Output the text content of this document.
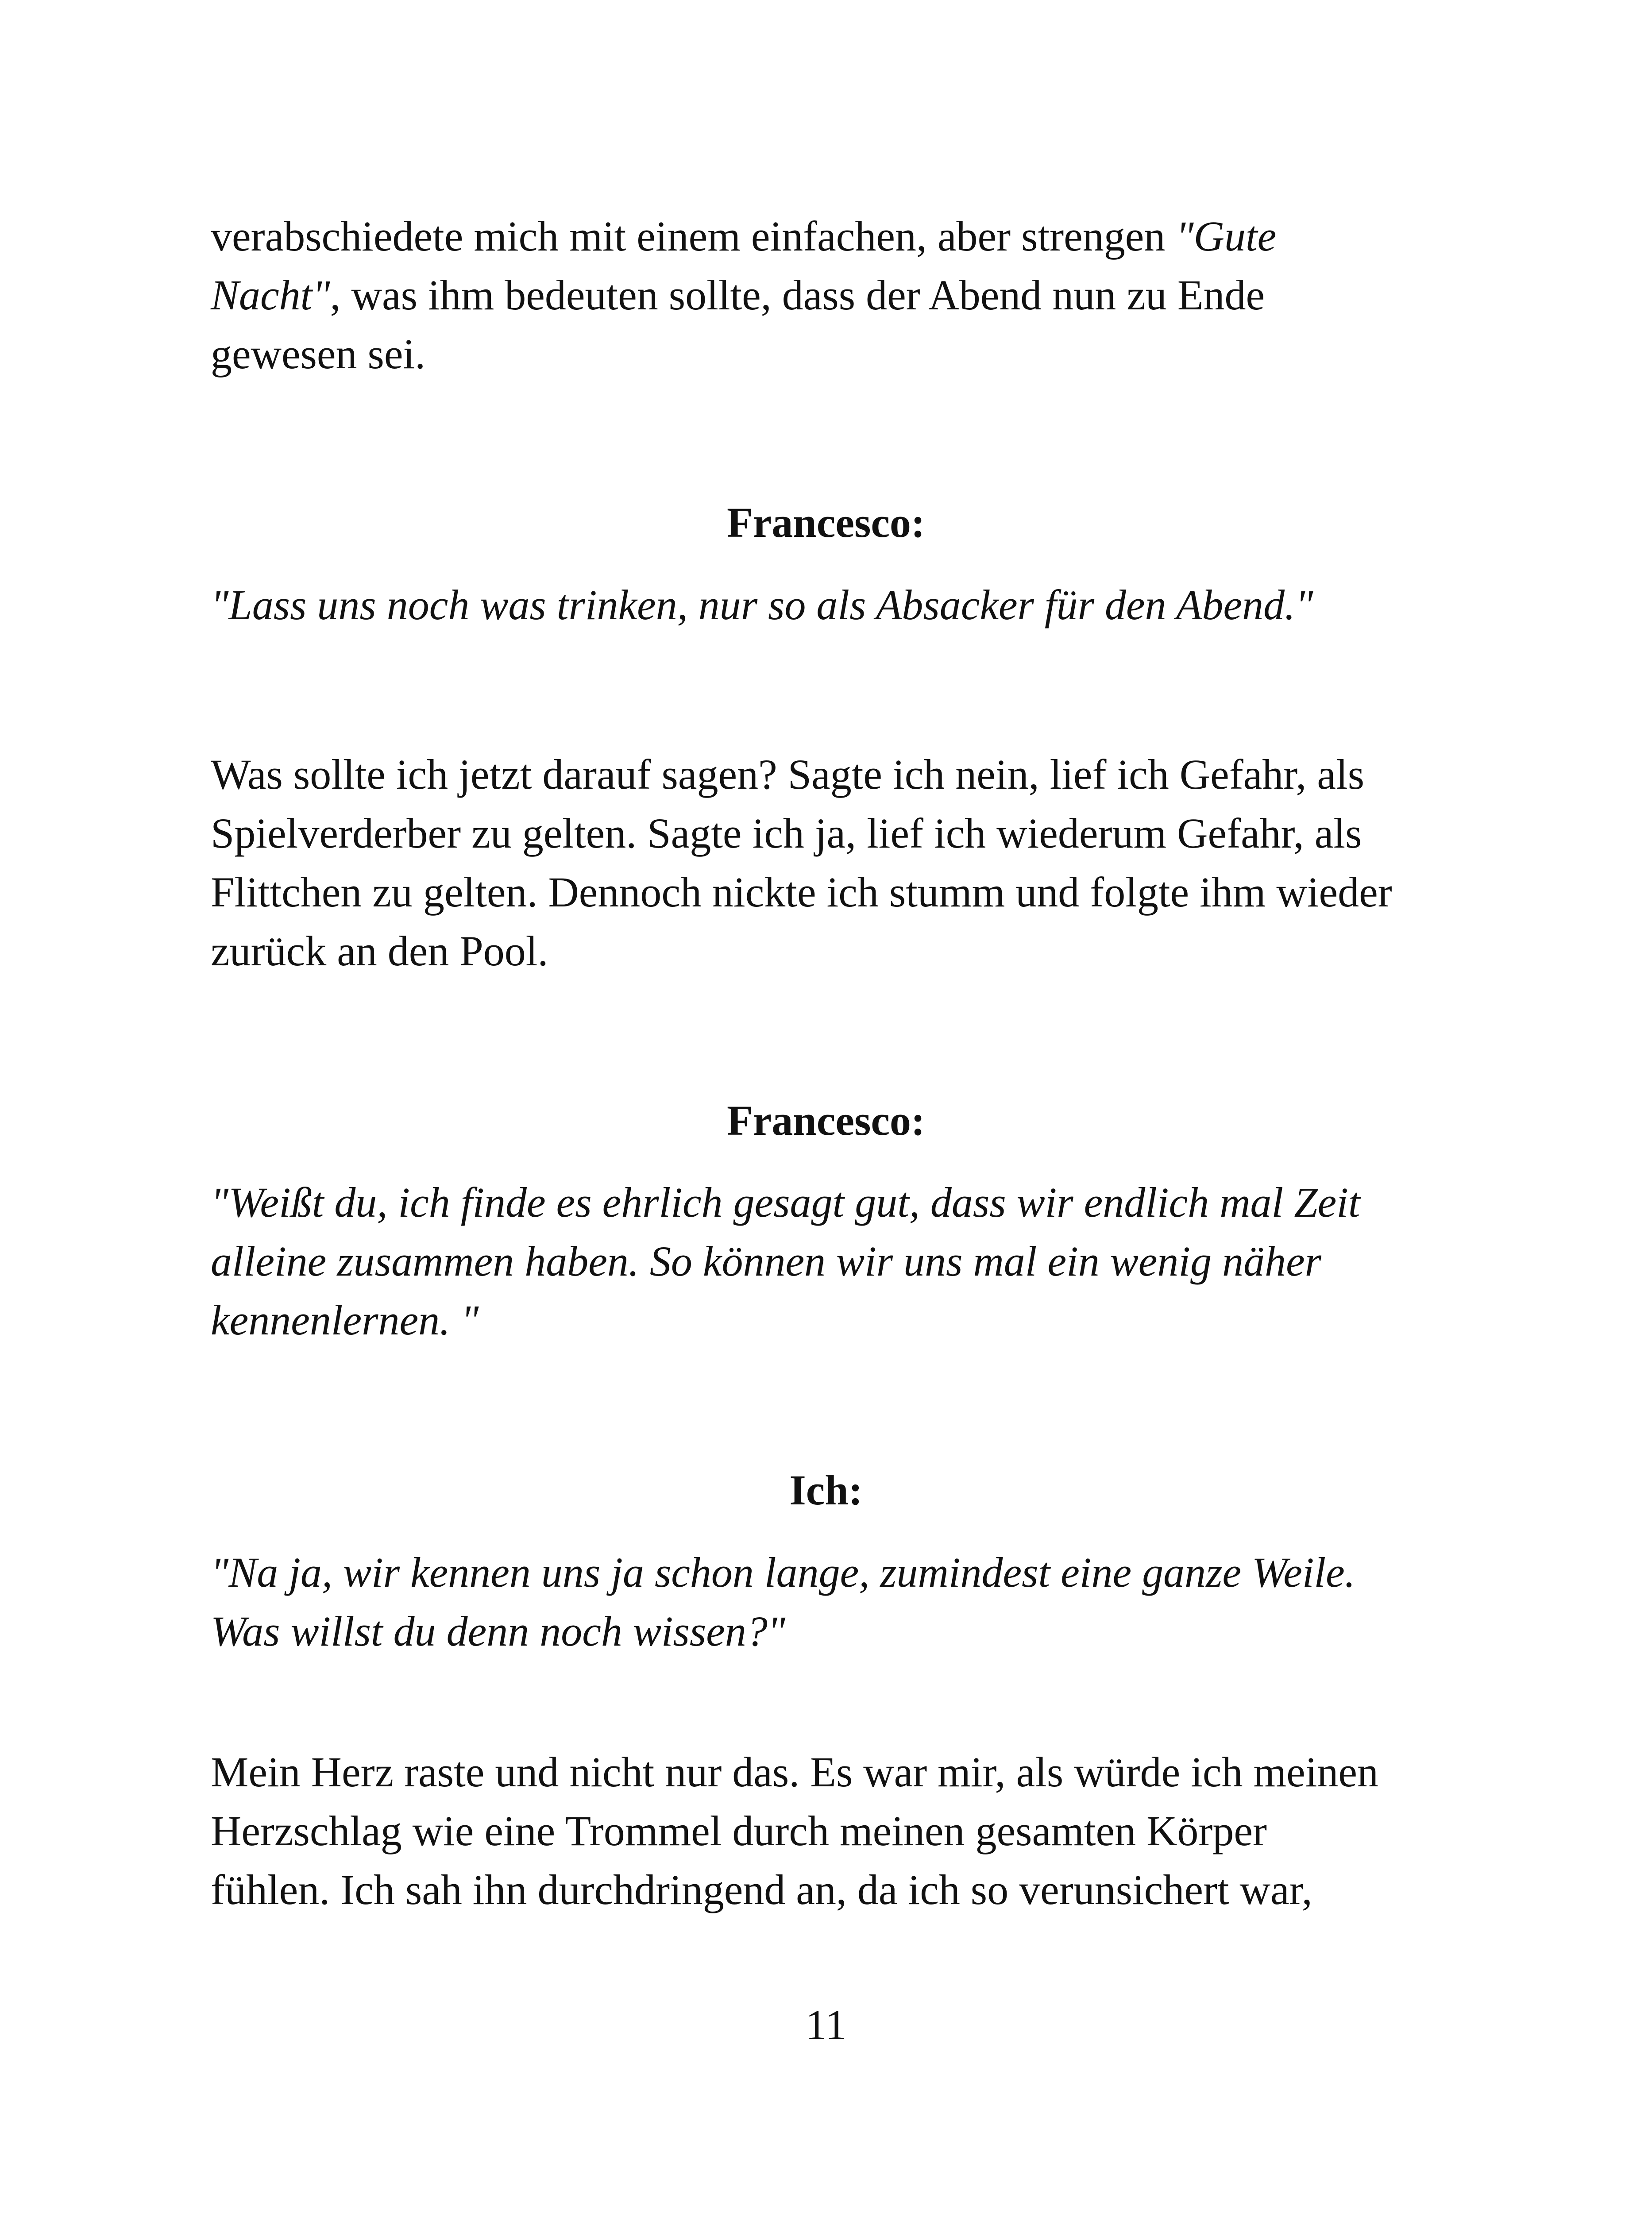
verabschiedete mich mit einem einfachen, aber strengen "Gute
Nacht", was ihm bedeuten sollte, dass der Abend nun zu Ende
gewesen sei.

Francesco:

"Lass uns noch was trinken, nur so als Absacker für den Abend."

Was sollte ich jetzt darauf sagen? Sagte ich nein, lief ich Gefahr, als
Spielverderber zu gelten. Sagte ich ja, lief ich wiederum Gefahr, als
Flittchen zu gelten. Dennoch nickte ich stumm und folgte ihm wieder
zurück an den Pool.

Francesco:

"Weißt du, ich finde es ehrlich gesagt gut, dass wir endlich mal Zeit
alleine zusammen haben. So können wir uns mal ein wenig näher
kennenlernen. "

Ich:

"Na ja, wir kennen uns ja schon lange, zumindest eine ganze Weile.
Was willst du denn noch wissen?"

Mein Herz raste und nicht nur das. Es war mir, als würde ich meinen
Herzschlag wie eine Trommel durch meinen gesamten Körper
fühlen. Ich sah ihn durchdringend an, da ich so verunsichert war,

11
